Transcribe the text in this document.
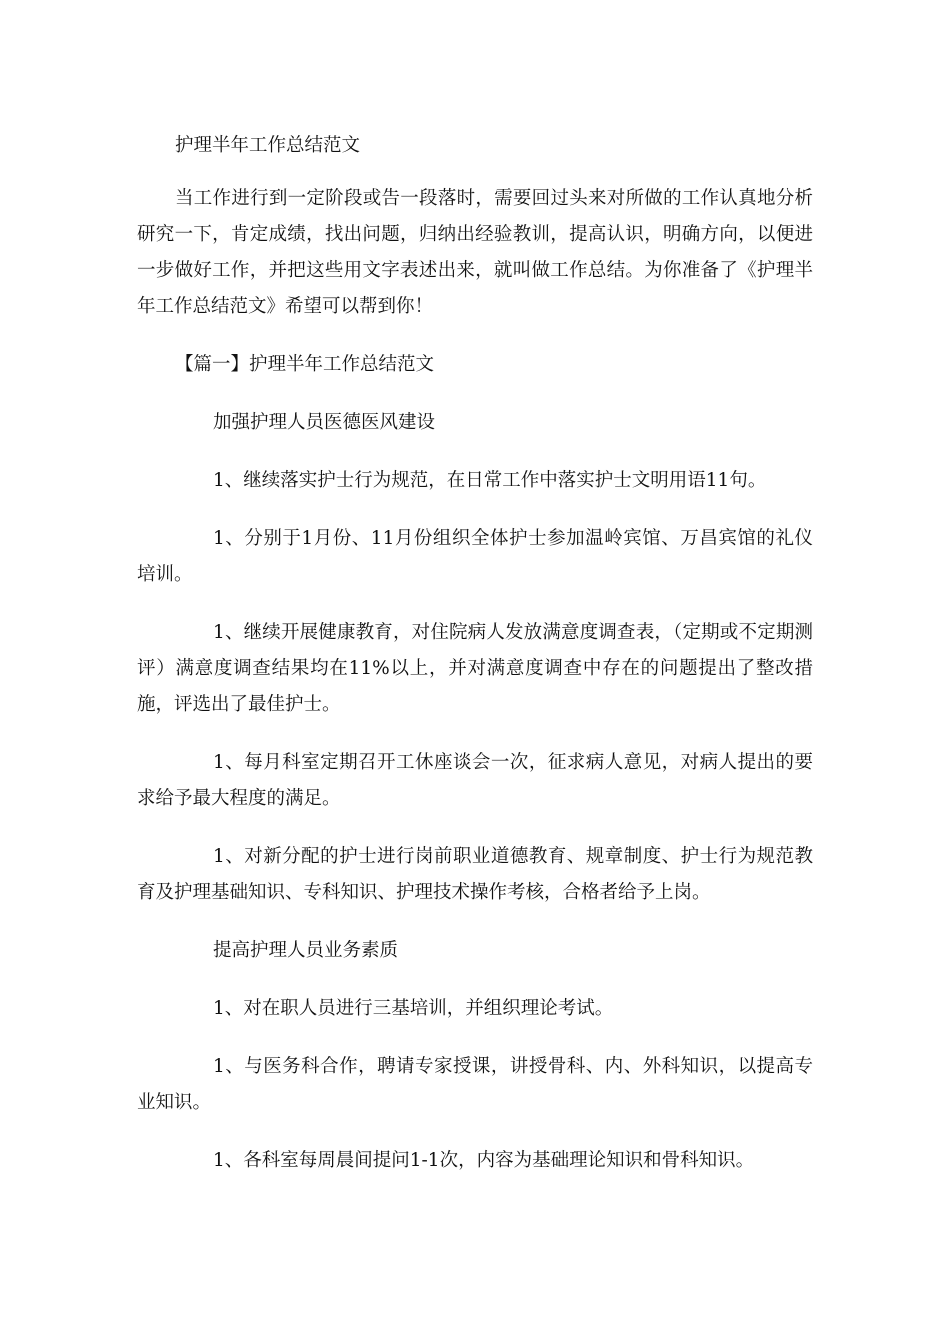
护理半年工作总结范文

当工作进行到一定阶段或告一段落时，需要回过头来对所做的工作认真地分析研究一下，肯定成绩，找出问题，归纳出经验教训，提高认识，明确方向，以便进一步做好工作，并把这些用文字表述出来，就叫做工作总结。为你准备了《护理半年工作总结范文》希望可以帮到你！

【篇一】护理半年工作总结范文

加强护理人员医德医风建设

1、继续落实护士行为规范，在日常工作中落实护士文明用语11句。

1、分别于1月份、11月份组织全体护士参加温岭宾馆、万昌宾馆的礼仪培训。

1、继续开展健康教育，对住院病人发放满意度调查表，（定期或不定期测评）满意度调查结果均在11%以上，并对满意度调查中存在的问题提出了整改措施，评选出了最佳护士。

1、每月科室定期召开工休座谈会一次，征求病人意见，对病人提出的要求给予最大程度的满足。

1、对新分配的护士进行岗前职业道德教育、规章制度、护士行为规范教育及护理基础知识、专科知识、护理技术操作考核，合格者给予上岗。

提高护理人员业务素质

1、对在职人员进行三基培训，并组织理论考试。

1、与医务科合作，聘请专家授课，讲授骨科、内、外科知识，以提高专业知识。

1、各科室每周晨间提问1-1次，内容为基础理论知识和骨科知识。
